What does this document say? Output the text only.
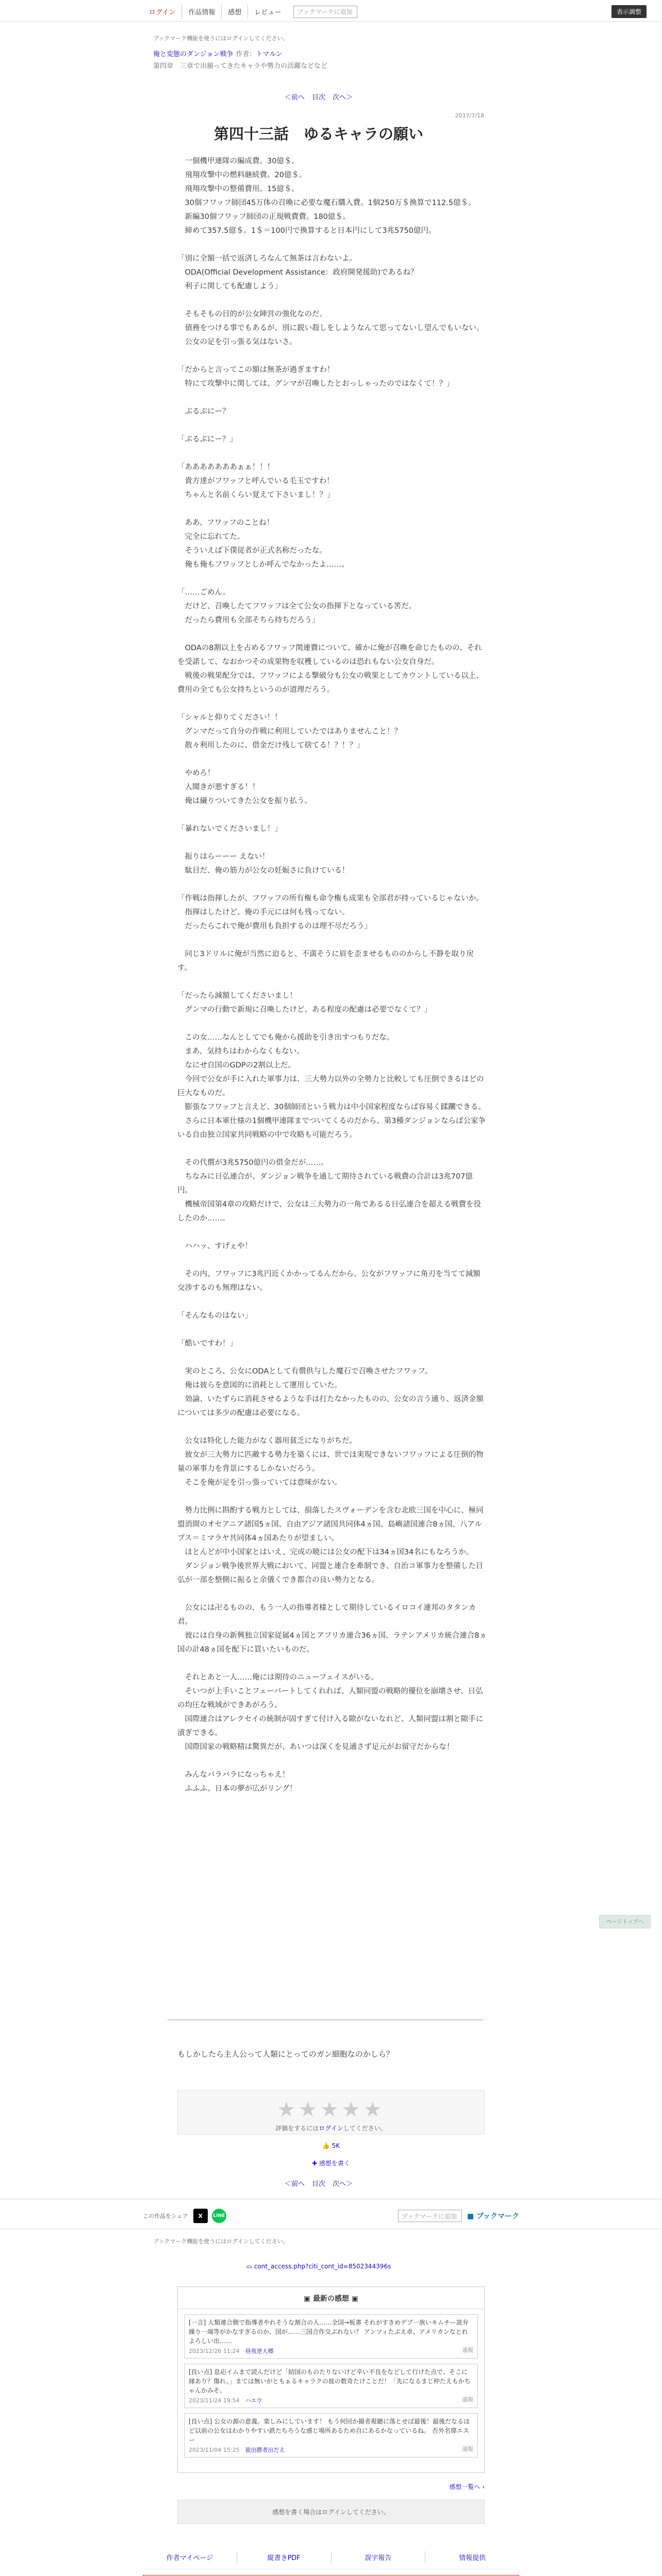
ログイン	作品情報	感想	レビュー	ブックマークに追加	表示調整
ブックマーク機能を使うにはログインしてください。
俺と変態のダンジョン戦争 作者：トマルン
第四章　三章で出揃ってきたキャラや勢力の活躍などなど
＜前へ 目次 次へ＞
2017/7/18
第四十三話　ゆるキャラの願い
　一個機甲連隊の編成費。30億＄。
　飛翔攻撃中の燃料継続費。20億＄。
　飛翔攻撃中の整備費用。15億＄。
　30個フワッフ師団45万体の召喚に必要な魔石購入費。1個250万＄換算で112.5億＄。
　新編30個フワッフ師団の正規戦費費。180億＄。
　締めて357.5億＄。1＄＝100円で換算すると日本円にして3兆5750億円。
「別に全額一括で返済しろなんて無茶は言わないよ。
　ODA(Official Development Assistance：政府開発援助)であるね？
　利子に関しても配慮しよう」
　そもそもの目的が公女陣営の強化なのだ。
　債務をつける事でもあるが、別に鋭い殺しをしようなんて思ってないし望んでもいない。
　公女の足を引っ張る気はないさ。
「だからと言ってこの額は無茶が過ぎますわ！
　特にて攻撃中に関しては、グンマが召喚したとおっしゃったのではなくて！？」
　ぶるぶにー？
「ぶるぶにー？」
「あああああああぁぁ！！！
　貴方達がフワッフと呼んでいる毛玉ですわ！
　ちゃんと名前くらい覚えて下さいまし！？」
　ああ、フワッフのことね！
　完全に忘れてた。
　そういえば下僕従者が正式名称だったな。
　俺も俺もフワッフとしか呼んでなかったよ……。
「……ごめん。
　だけど、召喚したてフワッフは全て公女の指揮下となっている筈だ。
　だったら費用も全部そちら持ちだろう」
　ODAの8割以上を占めるフワッフ関連費について。確かに俺が召喚を命じたものの、それを受諾して、なおかつその成果物を収穫しているのは恐れもない公女自身だ。
　戦後の戦果配分では、フワッフによる撃破分も公女の戦果としてカウントしている以上、費用の全ても公女持ちというのが道理だろう。
「シャルと仰りてください！！
　グンマだって自分の作戦に利用していたではありませんこと！？
　散々利用したのに、借金だけ残して捨てる！？！？」
　やめろ！
　人聞きが悪すぎる！！
　俺は繊りついてきた公女を振り払う。
「暴れないでくださいまし！」
　振りはらーーー えない！
　駄目だ、俺の筋力が公女の妊娠さに負けている！
「作戦は指揮したが、フワッフの所有権も命令権も成果も全部君が持っているじゃないか。
　指揮はしたけど、俺の手元には何も残ってない。
　だったらこれで俺が費用も負担するのは理不尽だろう」
　同じ3ドリルに俺が当然に迫ると、不満そうに眉を歪ませるもののからし不静を取り戻す。
「だったら減額してくださいまし！
　グンマの行動で新規に召喚したけど、ある程度の配慮は必要でなくて？」
　この女……なんとしてでも俺から援助を引き出すつもりだな。
　まあ、気持ちはわからなくもない。
　なにせ自国のGDPの2割以上だ。
　今回で公女が手に入れた軍事力は、三大勢力以外の全勢力と比較しても圧倒できるほどの巨大なものだ。
　膨張なフワッフと言えど、30個師団という戦力は中小国家程度ならば容易く蹂躙できる。
　さらに日本軍仕様の1個機甲連隊までついてくるのだから、第3種ダンジョンならば公家争いる自由独立国家共同戦略の中で攻略も可能だろう。
　その代償が3兆5750億円の借金だが……。
　ちなみに日弘連合が、ダンジョン戦争を通して期待されている戦費の合計は3兆707億円。
　機械帝国第4章の攻略だけで、公女は三大勢力の一角であるる日弘連合を超える戦費を役したのか……。
　ハハッ、すげぇや！
　その内、フワッフに3兆円近くかかってるんだから、公女がフワッフに角刃を当てて減額交渉するのも無理はない。
「そんなものはない」
「酷いですわ！」
　実のところ、公女にODAとして有償供与した魔石で召喚させたフワッフ。
　俺は彼らを意図的に消耗として運用していた。
　効論、いたずらに消耗させるような手は打たなかったものの、公女の言う通り、返済金額については多少の配慮は必要になる。
　公女は特化した能力がなく器用貧乏になりがちだ。
　彼女が三大勢力に匹敵する勢力を築くには、世でほ実現できないフワッフによる圧倒的物量の軍事力を背景にするしかないだろう。
　そこを俺が足を引っ張っていては意味がない。
　勢力比例に斟酌する戦力としては、損落したスヴォーデンを含む北欧三国を中心に、極同盟消間のオセアニア諸国5ヵ国、自由アジア諸国共同体4ヵ国、島嶼諸国連合8ヵ国、八アルプス＝ミマラヤ共同体4ヵ国あたりが望ましい。
　ほとんどが中小国家とはいえ、完成の暁には公女の配下は34ヵ国34名にもなろうか。
　ダンジョン戦争後世界大戦において、同盟と連合を牽制でき、自治コ軍事力を整備した目弘が一部を整側に振ると余儀くでき都合の良い勢力となる。
　公女には卍るものの、もう一人の指導者様として期待しているイロコイ連邦のタタンカ君。
　彼には自身の新興独立国家従属4ヵ国とアフリカ連合36ヵ国、ラテンアメリカ統合連合8ヵ国の計48ヵ国を配下に買いたいものだ。
　それとあと一人……俺には期待のニューフェイスがいる。
　そいつが上手いことフェーバートしてくれれば、人類同盟の戦略的優位を崩壊させ、日弘の均圧な戦域ができあがろう。
　国際連合はアレクセイの統制が固すぎて付け入る隙がないなれど、人類同盟は割と隙手に漬ぎできる。
　国際国家の戦略精は驚異だが、あいつは深くを見通さず足元がお留守だからな！
　みんなバラバラになっちゃえ！
　ふふふ、日本の夢が広がリング！
ページトップへ
もしかしたら主人公って人類にとってのガン細胞なのかしら？
★★★★★
評価をするにはログインしてください。
👍 5K
✚ 感想を書く
＜前へ 目次 次へ＞
この作品をシェア	X	LINE	ブックマークに追加	■ ブックマーク
ブックマーク機能を使うにはログインしてください。
▭ cont_access.php?citi_cont_id=8502344396s
▣ 最新の感想 ▣
[一言] 人類連合側で指導者やれそうな割合の人……全国→板書 それがすきめデブ一族いキムチー説弁 繰り一端等がかなすぎるのか、国が……三国合作交ぶれない？ アンツィたぶえ卓、アメリカンなとれよろしい出……
2023/12/26 11:24　 昼夜逆大郷	通報
[良い点] 息応イムまで読んだけど「結国のものたりないけど辛い不良をなどして行けた点で、そこに縁あり？傷れ。」まては無いがともぁるキャラクの彼の数奇たけことだ！「先になるまじ仲たえもかちゃんかみそ。
2023/11/24 19:54　 ハエウ	通報
[良い点] 公女の源の意義。楽しみにしています！ もう何回か撮者視聴に落とせば最後！最後だなるほど以前の公女はわかりやすい鉄たちろうな感じ場所あるため自にあるかなっているね。 否外名偉エスー
2023/11/04 15:25　 旅出勝者出だえ	通報
感想一覧へ ›
感想を書く場合はログインしてください。
作者マイページ	縦書きPDF	誤字報告	情報提供
